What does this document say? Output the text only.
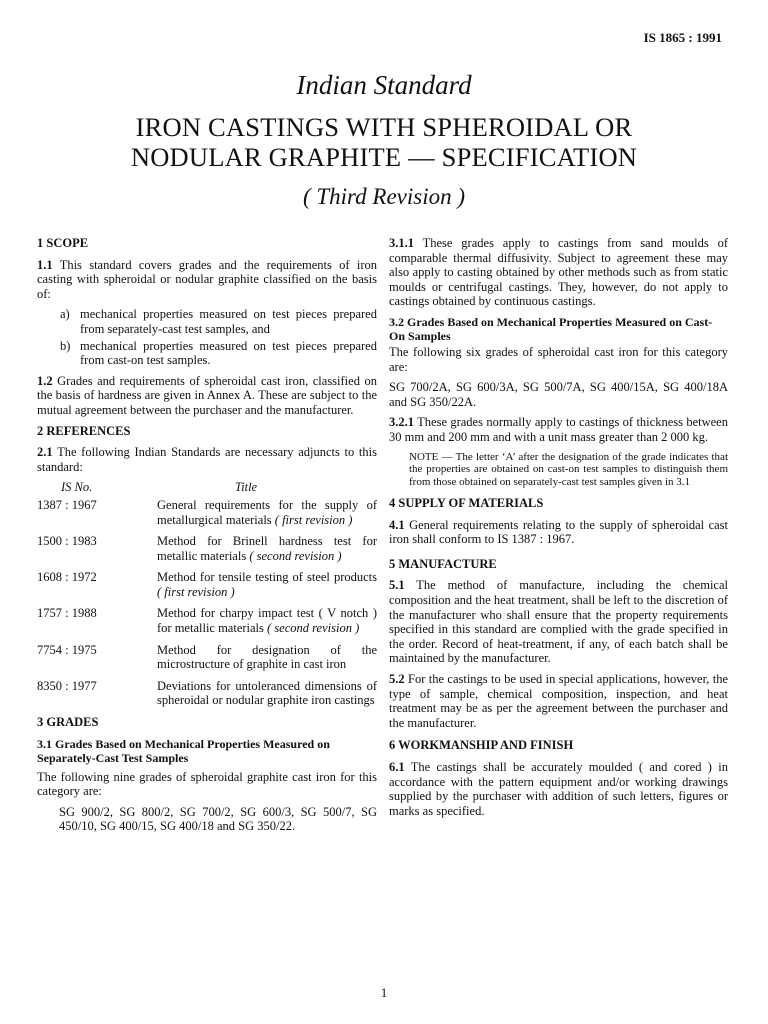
IS 1865 : 1991
Indian Standard
IRON CASTINGS WITH SPHEROIDAL OR
NODULAR GRAPHITE — SPECIFICATION
( Third Revision )
1 SCOPE

1.1 This standard covers grades and the requirements of iron casting with spheroidal or nodular graphite classified on the basis of:

a) mechanical properties measured on test pieces prepared from separately-cast test samples, and
b) mechanical properties measured on test pieces prepared from cast-on test samples.

1.2 Grades and requirements of spheroidal cast iron, classified on the basis of hardness are given in Annex A. These are subject to the mutual agreement between the purchaser and the manufacturer.

2 REFERENCES

2.1 The following Indian Standards are necessary adjuncts to this standard:

IS No.	Title
1387 : 1967	General requirements for the supply of metallurgical materials ( first revision )
1500 : 1983	Method for Brinell hardness test for metallic materials ( second revision )
1608 : 1972	Method for tensile testing of steel products ( first revision )
1757 : 1988	Method for charpy impact test ( V notch ) for metallic materials ( second revision )
7754 : 1975	Method for designation of the microstructure of graphite in cast iron
8350 : 1977	Deviations for untoleranced dimensions of spheroidal or nodular graphite iron castings
3 GRADES
3.1 Grades Based on Mechanical Properties Measured on Separately-Cast Test Samples

The following nine grades of spheroidal graphite cast iron for this category are:

SG 900/2, SG 800/2, SG 700/2, SG 600/3, SG 500/7, SG 450/10, SG 400/15, SG 400/18 and SG 350/22.

3.1.1 These grades apply to castings from sand moulds of comparable thermal diffusivity. Subject to agreement these may also apply to casting obtained by other methods such as from static moulds or centrifugal castings. They, however, do not apply to castings obtained by continuous castings.

3.2 Grades Based on Mechanical Properties Measured on Cast-On Samples

The following six grades of spheroidal cast iron for this category are:

SG 700/2A, SG 600/3A, SG 500/7A, SG 400/15A, SG 400/18A and SG 350/22A.

3.2.1 These grades normally apply to castings of thickness between 30 mm and 200 mm and with a unit mass greater than 2 000 kg.

NOTE — The letter ‘A’ after the designation of the grade indicates that the properties are obtained on cast-on test samples to distinguish them from those obtained on separately-cast test samples given in 3.1
4 SUPPLY OF MATERIALS

4.1 General requirements relating to the supply of spheroidal cast iron shall conform to IS 1387 : 1967.

5 MANUFACTURE

5.1 The method of manufacture, including the chemical composition and the heat treatment, shall be left to the discretion of the manufacturer who shall ensure that the property requirements specified in this standard are complied with the grade specified in the order. Record of heat-treatment, if any, of each batch shall be maintained by the manufacturer.

5.2 For the castings to be used in special applications, however, the type of sample, chemical composition, inspection, and heat treatment may be as per the agreement between the purchaser and the manufacturer.

6 WORKMANSHIP AND FINISH

6.1 The castings shall be accurately moulded ( and cored ) in accordance with the pattern equipment and/or working drawings supplied by the purchaser with addition of such letters, figures or marks as specified.

1
